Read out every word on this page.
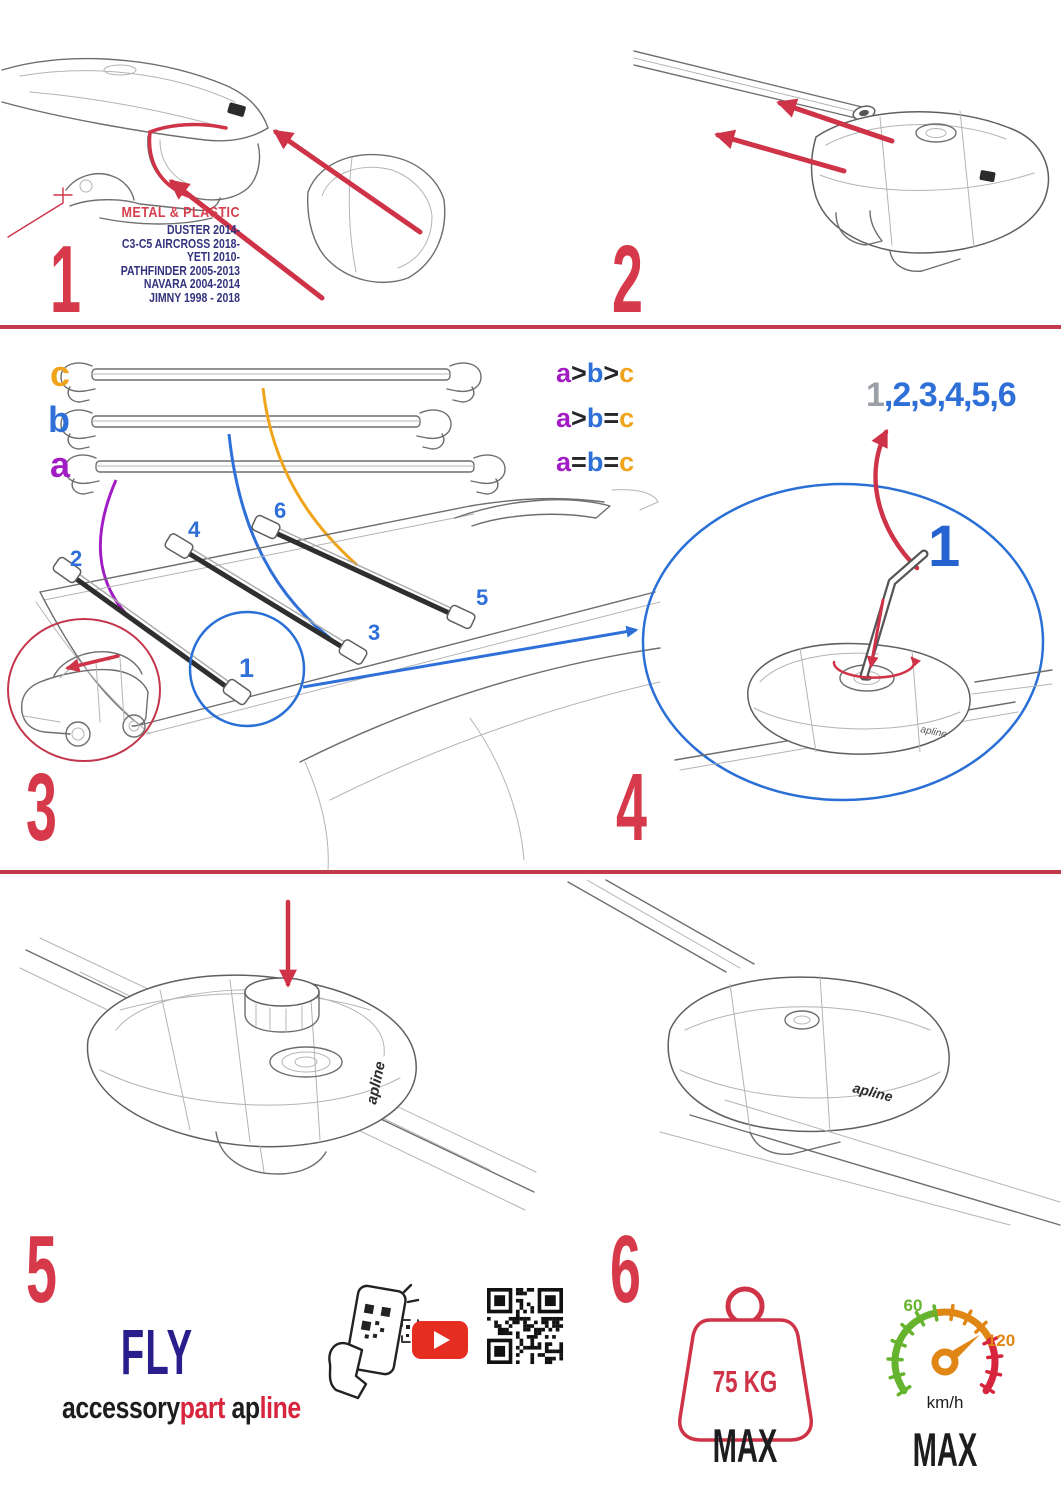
METAL & PLASTIC
DUSTER 2014-
C3-C5 AIRCROSS 2018-
YETI 2010-
PATHFINDER 2005-2013
NAVARA 2004-2014
JIMNY 1998 - 2018
1	2
2
4
6
3
5
1
c
b
a
a>b>c
a>b=c
a=b=c
3
apline
1,2,3,4,5,6
1
4
apline
5
apline
6
FLY
accessorypart apline
75 KG
MAX
60
120
km/h
MAX
